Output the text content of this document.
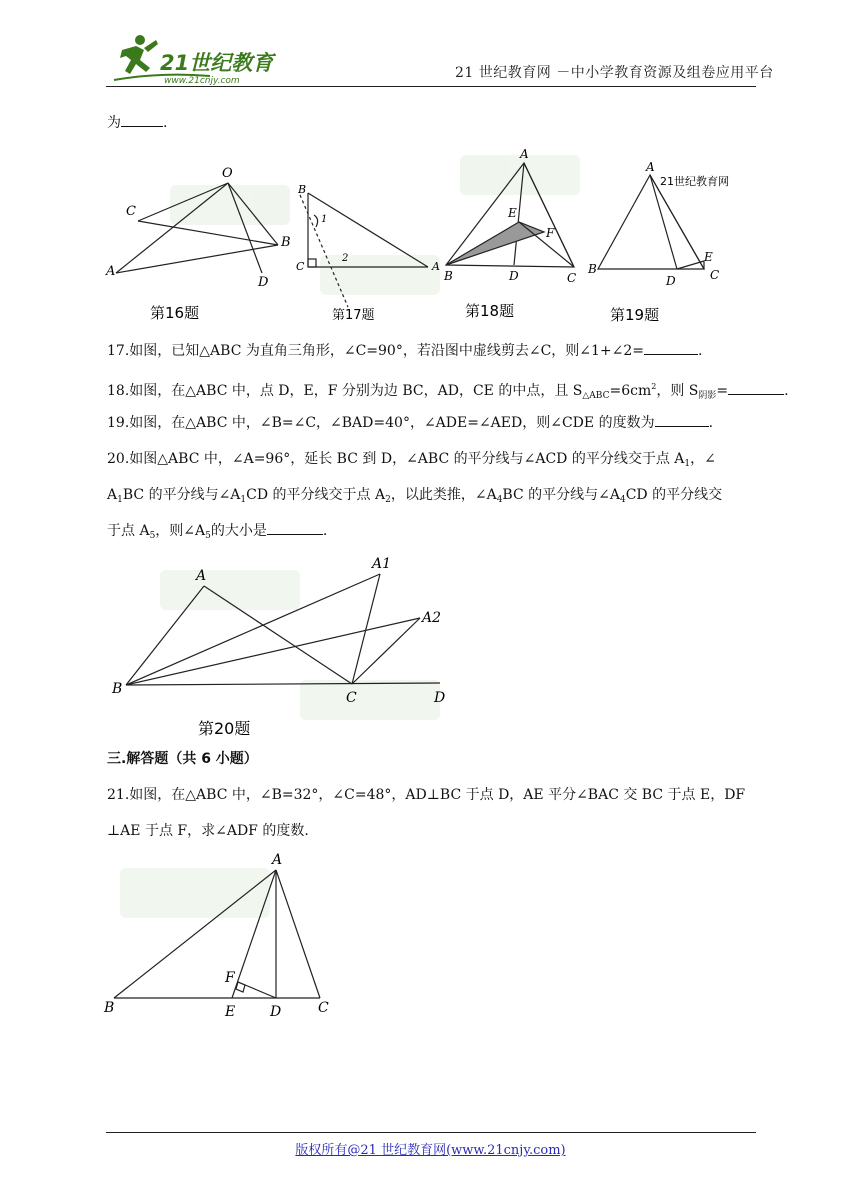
21世纪教育
www.21cnjy.com	21 世纪教育网 －中小学教育资源及组卷应用平台
为	.
O
C
B
A
D
第16题
B
C	A
1
2
第17题
A
E
F
B	D	C
第18题
A
21世纪教育网
B
D
E
C
第19题
17.如图，已知△ABC 为直角三角形，∠C=90°，若沿图中虚线剪去∠C，则∠1+∠2=	.
18.如图，在△ABC 中，点 D，E，F 分别为边 BC，AD，CE 的中点，且 $S_{\triangle ABC}=6cm^2$，则 $S_{阴影}=$	.
19.如图，在△ABC 中，∠B=∠C，∠BAD=40°，∠ADE=∠AED，则∠CDE 的度数为	.
20.如图△ABC 中，∠A=96°，延长 BC 到 D，∠ABC 的平分线与∠ACD 的平分线交于点 $A_1$，∠
$A_1BC$ 的平分线与$\angle A_1CD$ 的平分线交于点 $A_2$，以此类推，$\angle A_4BC$ 的平分线与$\angle A_4CD$ 的平分线交
于点 $A_5$，则$\angle A_5$的大小是	.
A
A1
A2
B
C	D
第20题
三.解答题（共 6 小题）
21.如图，在△ABC 中，∠B=32°，∠C=48°，AD⊥BC 于点 D，AE 平分∠BAC 交 BC 于点 E，DF
⊥AE 于点 F，求∠ADF 的度数.
A
F
B	E D	C
版权所有@21 世纪教育网(www.21cnjy.com)
